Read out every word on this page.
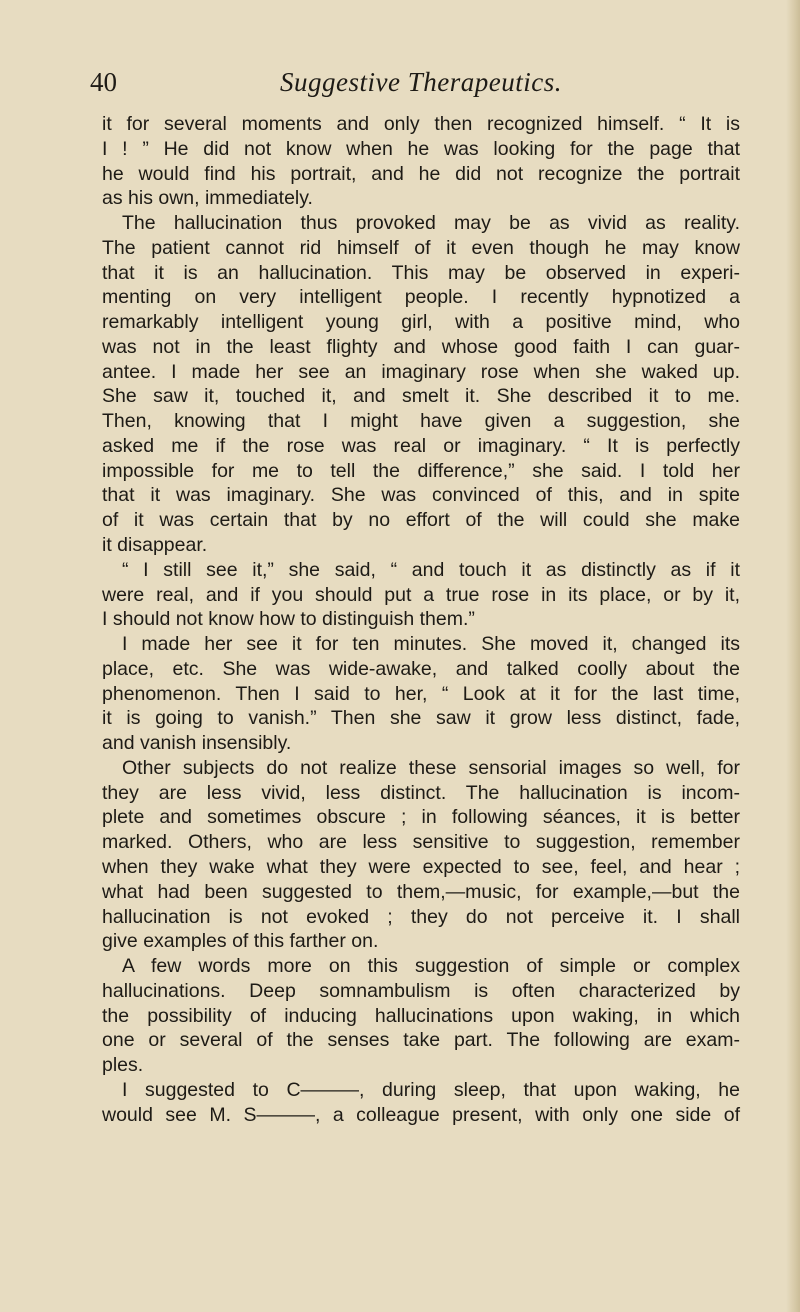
40	Suggestive Therapeutics.
it for several moments and only then recognized himself. “ It is
I ! ” He did not know when he was looking for the page that
he would find his portrait, and he did not recognize the portrait
as his own, immediately.
The hallucination thus provoked may be as vivid as reality.
The patient cannot rid himself of it even though he may know
that it is an hallucination. This may be observed in experi-
menting on very intelligent people. I recently hypnotized a
remarkably intelligent young girl, with a positive mind, who
was not in the least flighty and whose good faith I can guar-
antee. I made her see an imaginary rose when she waked up.
She saw it, touched it, and smelt it. She described it to me.
Then, knowing that I might have given a suggestion, she
asked me if the rose was real or imaginary. “ It is perfectly
impossible for me to tell the difference,” she said. I told her
that it was imaginary. She was convinced of this, and in spite
of it was certain that by no effort of the will could she make
it disappear.
“ I still see it,” she said, “ and touch it as distinctly as if it
were real, and if you should put a true rose in its place, or by it,
I should not know how to distinguish them.”
I made her see it for ten minutes. She moved it, changed its
place, etc. She was wide-awake, and talked coolly about the
phenomenon. Then I said to her, “ Look at it for the last time,
it is going to vanish.” Then she saw it grow less distinct, fade,
and vanish insensibly.
Other subjects do not realize these sensorial images so well, for
they are less vivid, less distinct. The hallucination is incom-
plete and sometimes obscure ; in following séances, it is better
marked. Others, who are less sensitive to suggestion, remember
when they wake what they were expected to see, feel, and hear ;
what had been suggested to them,—music, for example,—but the
hallucination is not evoked ; they do not perceive it. I shall
give examples of this farther on.
A few words more on this suggestion of simple or complex
hallucinations. Deep somnambulism is often characterized by
the possibility of inducing hallucinations upon waking, in which
one or several of the senses take part. The following are exam-
ples.
I suggested to C———, during sleep, that upon waking, he
would see M. S———, a colleague present, with only one side of
